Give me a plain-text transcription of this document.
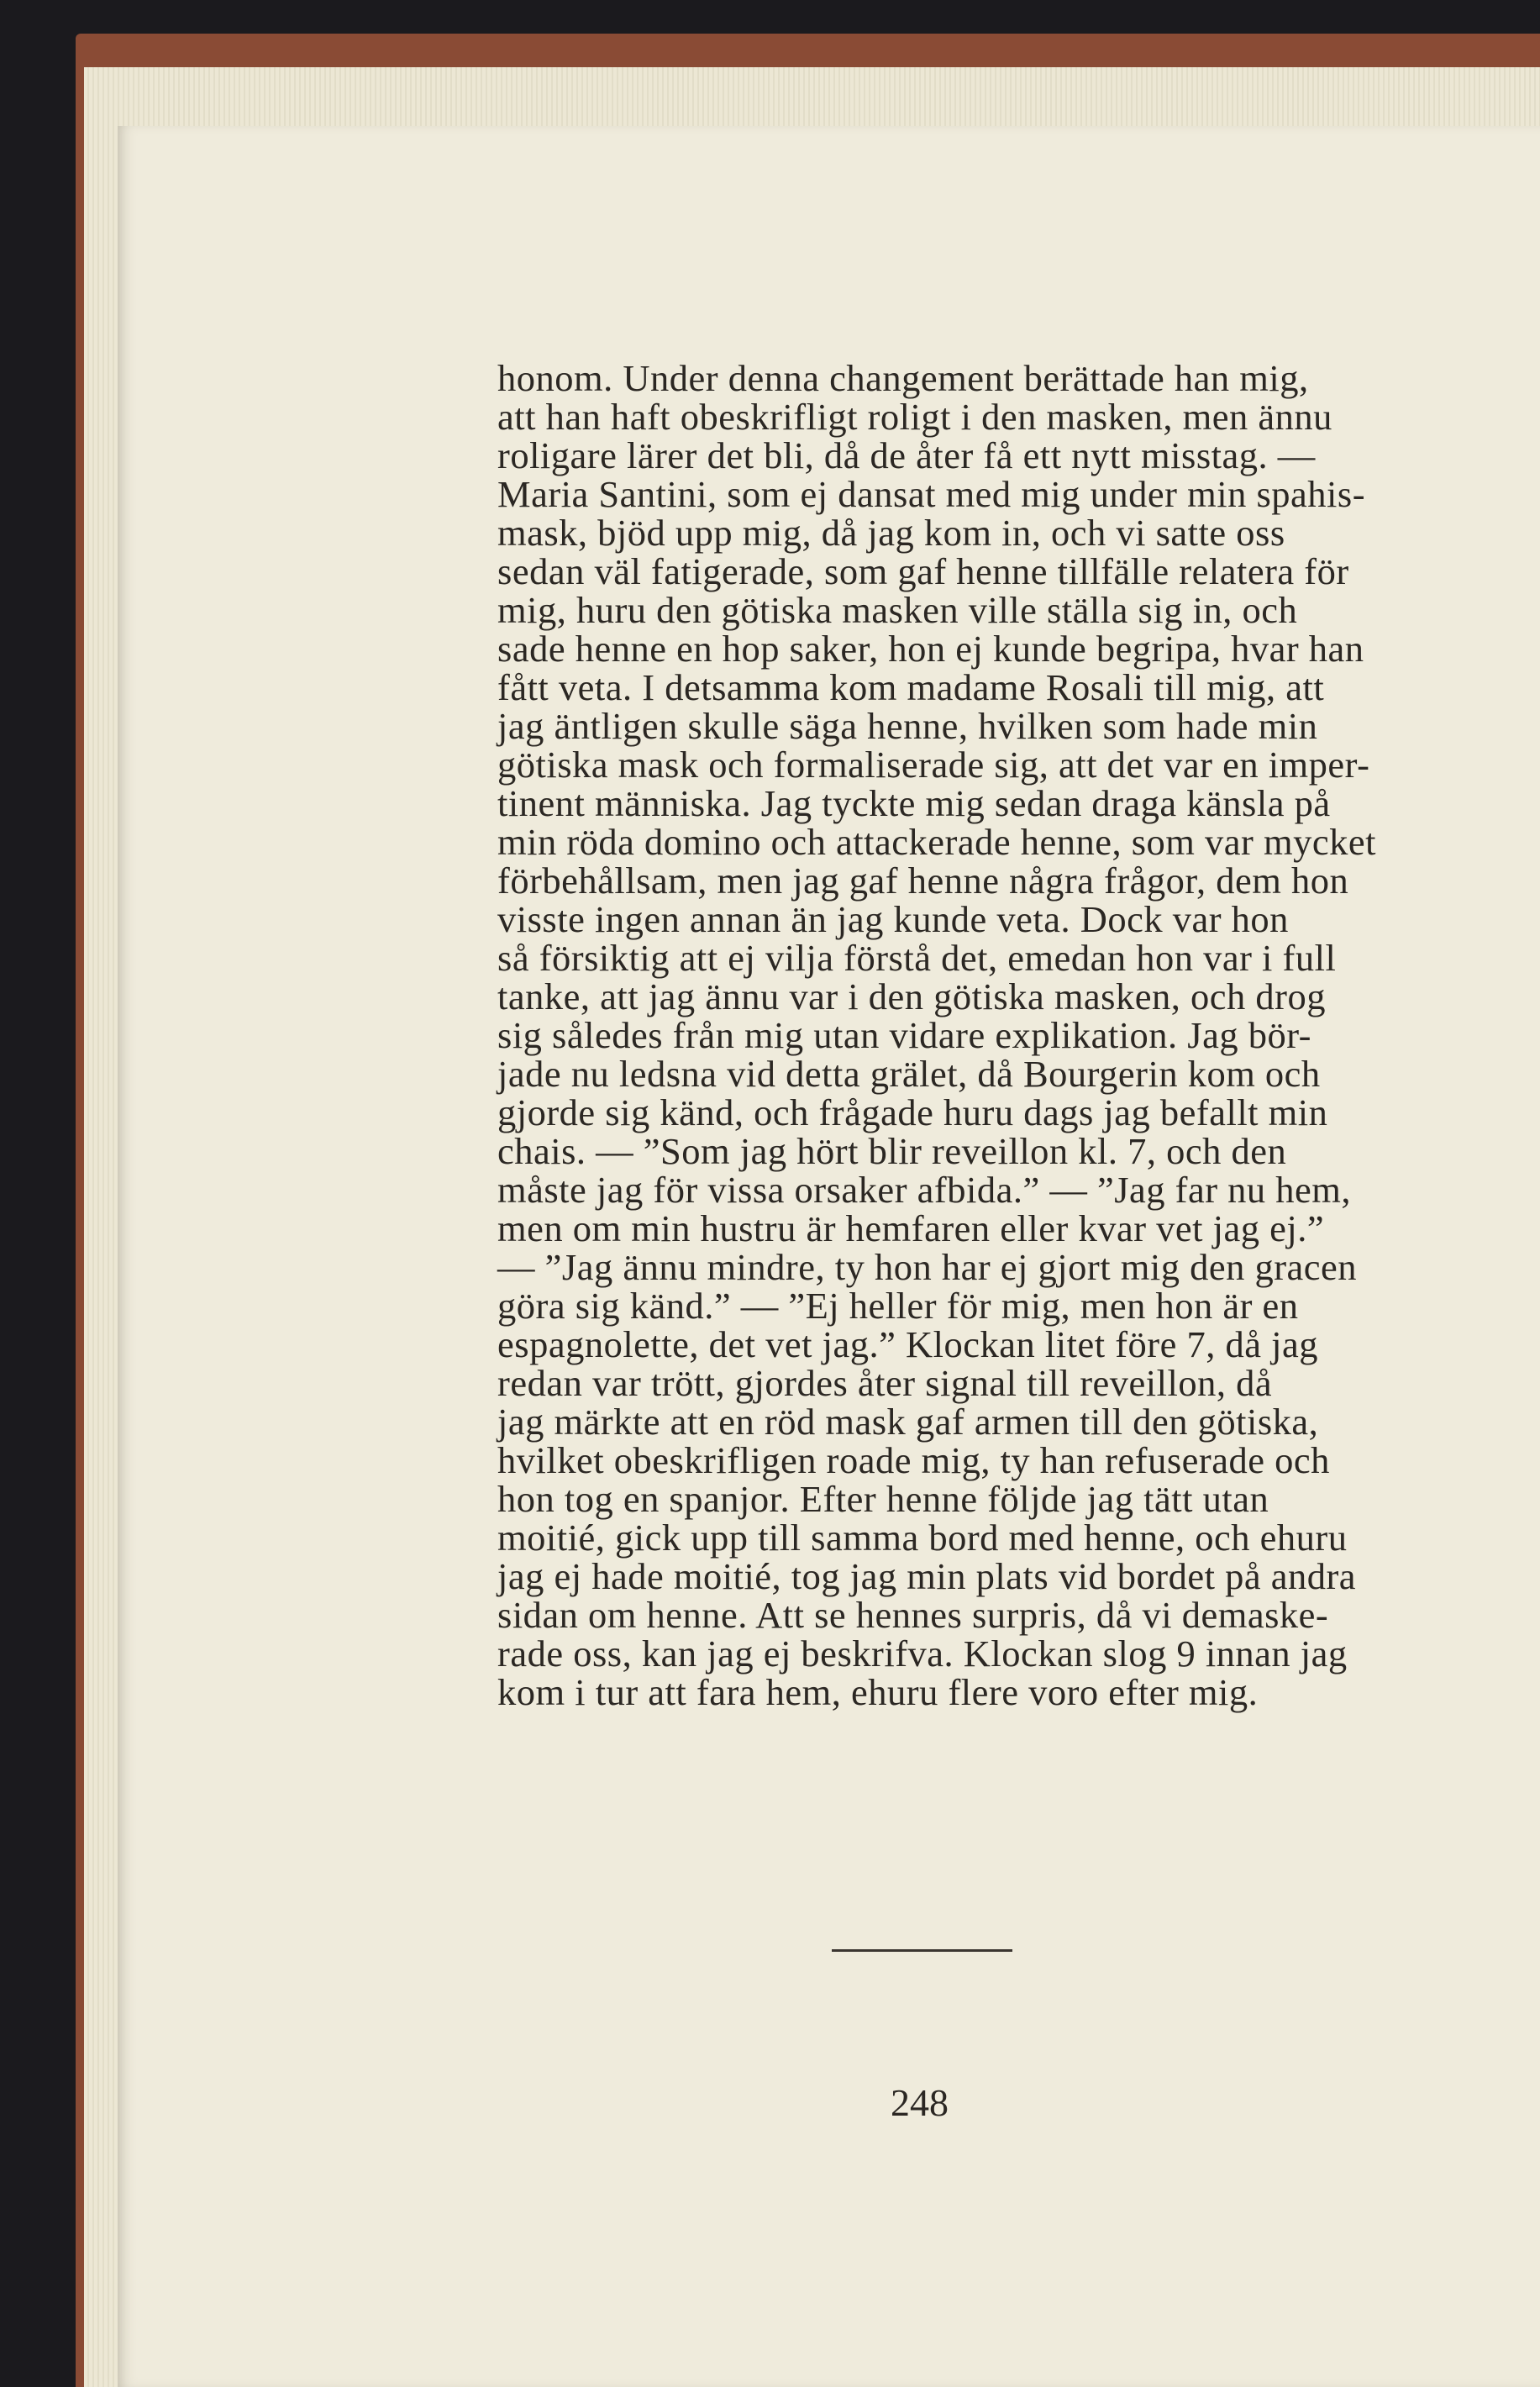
honom. Under denna changement berättade han mig,
att han haft obeskrifligt roligt i den masken, men ännu
roligare lärer det bli, då de åter få ett nytt misstag. —
Maria Santini, som ej dansat med mig under min spahis-
mask, bjöd upp mig, då jag kom in, och vi satte oss
sedan väl fatigerade, som gaf henne tillfälle relatera för
mig, huru den götiska masken ville ställa sig in, och
sade henne en hop saker, hon ej kunde begripa, hvar han
fått veta. I detsamma kom madame Rosali till mig, att
jag äntligen skulle säga henne, hvilken som hade min
götiska mask och formaliserade sig, att det var en imper-
tinent människa. Jag tyckte mig sedan draga känsla på
min röda domino och attackerade henne, som var mycket
förbehållsam, men jag gaf henne några frågor, dem hon
visste ingen annan än jag kunde veta. Dock var hon
så försiktig att ej vilja förstå det, emedan hon var i full
tanke, att jag ännu var i den götiska masken, och drog
sig således från mig utan vidare explikation. Jag bör-
jade nu ledsna vid detta grälet, då Bourgerin kom och
gjorde sig känd, och frågade huru dags jag befallt min
chais. — ”Som jag hört blir reveillon kl. 7, och den
måste jag för vissa orsaker afbida.” — ”Jag far nu hem,
men om min hustru är hemfaren eller kvar vet jag ej.”
— ”Jag ännu mindre, ty hon har ej gjort mig den gracen
göra sig känd.” — ”Ej heller för mig, men hon är en
espagnolette, det vet jag.” Klockan litet före 7, då jag
redan var trött, gjordes åter signal till reveillon, då
jag märkte att en röd mask gaf armen till den götiska,
hvilket obeskrifligen roade mig, ty han refuserade och
hon tog en spanjor. Efter henne följde jag tätt utan
moitié, gick upp till samma bord med henne, och ehuru
jag ej hade moitié, tog jag min plats vid bordet på andra
sidan om henne. Att se hennes surpris, då vi demaske-
rade oss, kan jag ej beskrifva. Klockan slog 9 innan jag
kom i tur att fara hem, ehuru flere voro efter mig.
248
